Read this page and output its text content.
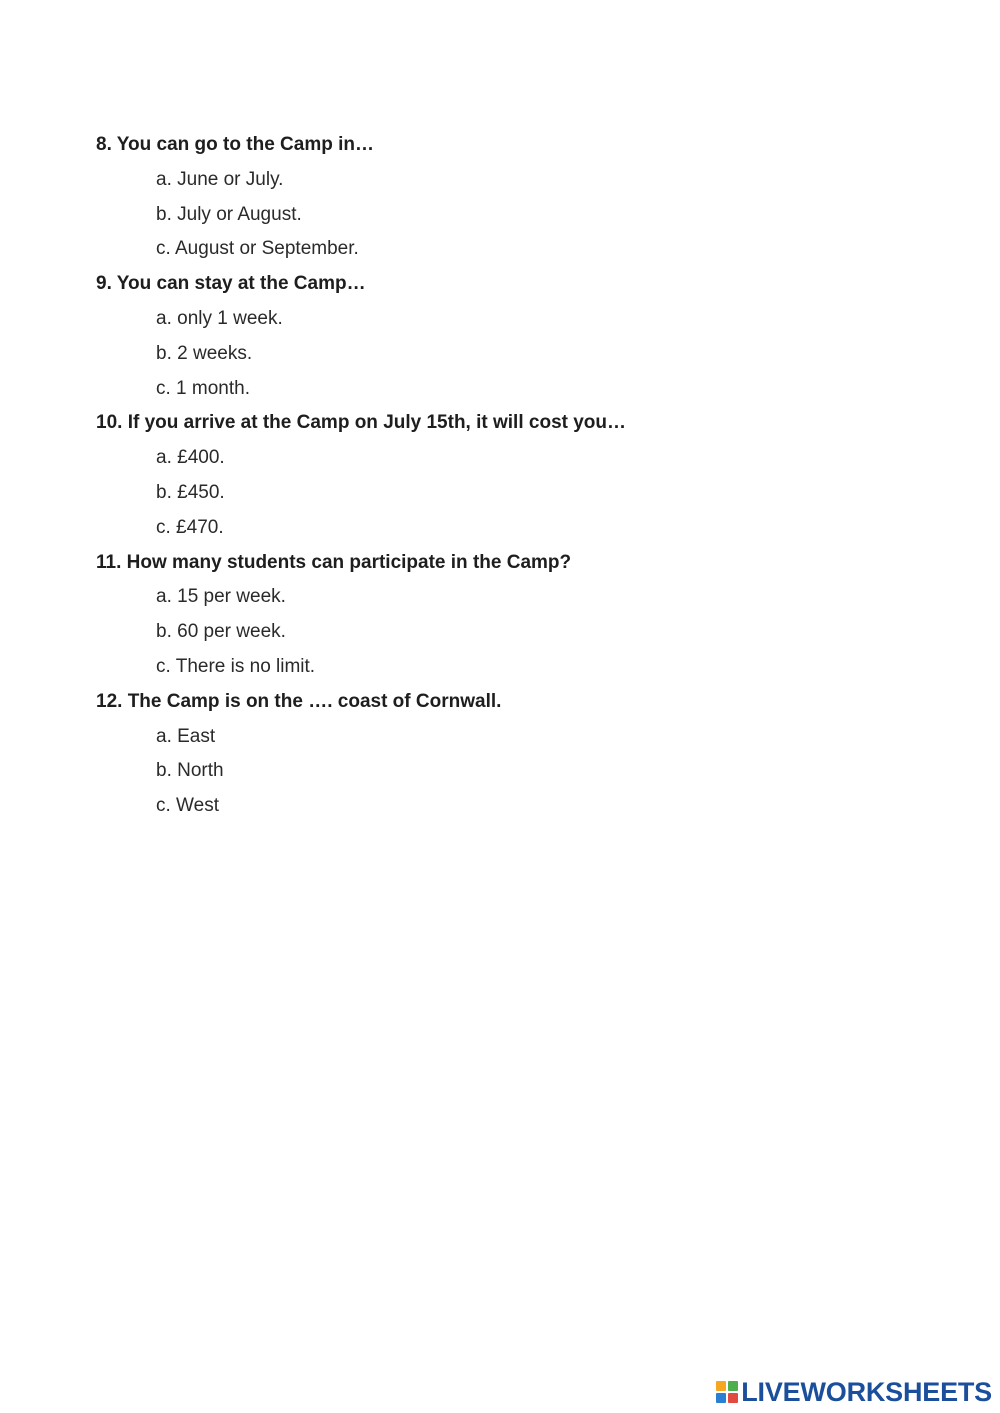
8. You can go to the Camp in…
a. June or July.
b. July or August.
c. August or September.
9. You can stay at the Camp…
a. only 1 week.
b. 2 weeks.
c. 1 month.
10. If you arrive at the Camp on July 15th, it will cost you…
a. £400.
b. £450.
c. £470.
11. How many students can participate in the Camp?
a. 15 per week.
b. 60 per week.
c. There is no limit.
12. The Camp is on the …. coast of Cornwall.
a. East
b. North
c. West
LIVEWORKSHEETS
